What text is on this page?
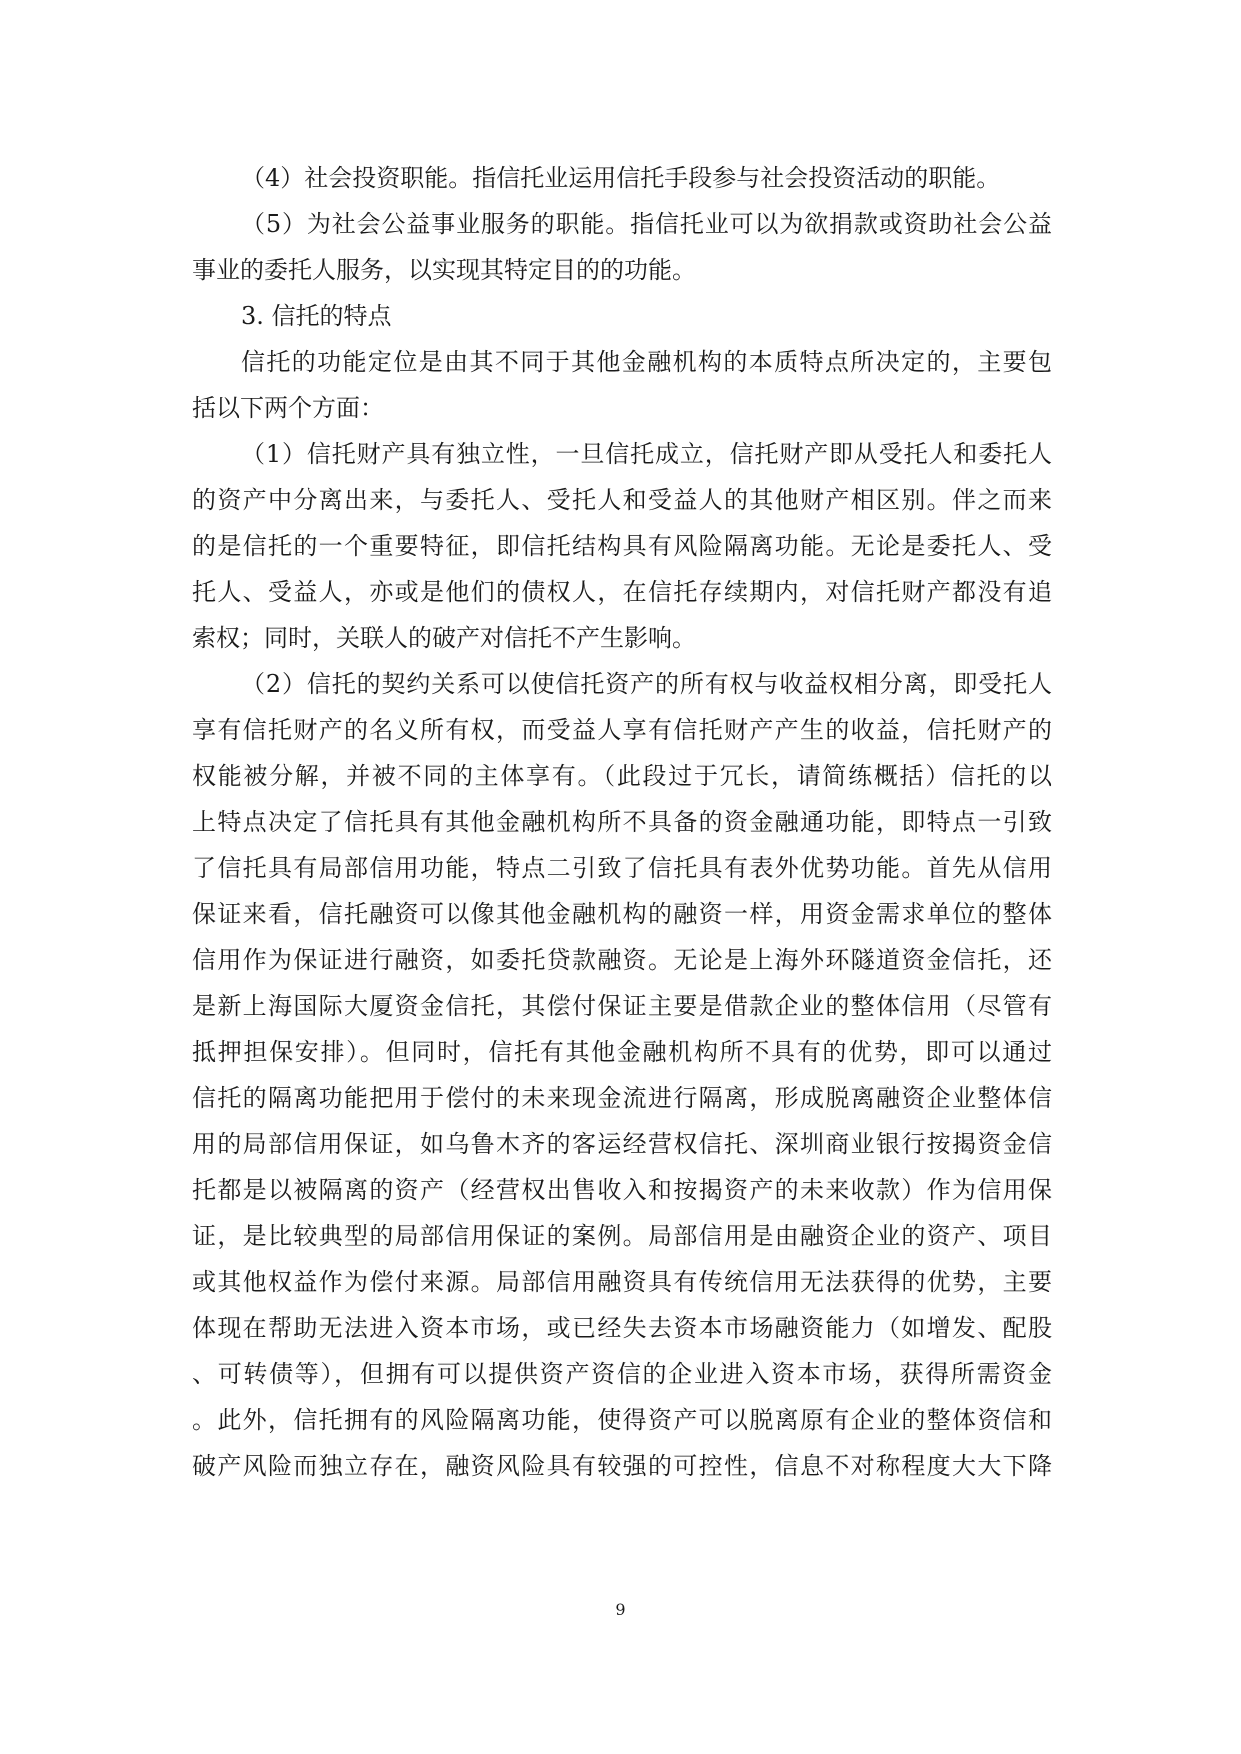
（4）社会投资职能。指信托业运用信托手段参与社会投资活动的职能。
（5）为社会公益事业服务的职能。指信托业可以为欲捐款或资助社会公益
事业的委托人服务，以实现其特定目的的功能。
3. 信托的特点
信托的功能定位是由其不同于其他金融机构的本质特点所决定的，主要包
括以下两个方面：
（1）信托财产具有独立性，一旦信托成立，信托财产即从受托人和委托人
的资产中分离出来，与委托人、受托人和受益人的其他财产相区别。伴之而来
的是信托的一个重要特征，即信托结构具有风险隔离功能。无论是委托人、受
托人、受益人，亦或是他们的债权人，在信托存续期内，对信托财产都没有追
索权；同时，关联人的破产对信托不产生影响。
（2）信托的契约关系可以使信托资产的所有权与收益权相分离，即受托人
享有信托财产的名义所有权，而受益人享有信托财产产生的收益，信托财产的
权能被分解，并被不同的主体享有。（此段过于冗长，请简练概括）信托的以
上特点决定了信托具有其他金融机构所不具备的资金融通功能，即特点一引致
了信托具有局部信用功能，特点二引致了信托具有表外优势功能。首先从信用
保证来看，信托融资可以像其他金融机构的融资一样，用资金需求单位的整体
信用作为保证进行融资，如委托贷款融资。无论是上海外环隧道资金信托，还
是新上海国际大厦资金信托，其偿付保证主要是借款企业的整体信用（尽管有
抵押担保安排）。但同时，信托有其他金融机构所不具有的优势，即可以通过
信托的隔离功能把用于偿付的未来现金流进行隔离，形成脱离融资企业整体信
用的局部信用保证，如乌鲁木齐的客运经营权信托、深圳商业银行按揭资金信
托都是以被隔离的资产（经营权出售收入和按揭资产的未来收款）作为信用保
证，是比较典型的局部信用保证的案例。局部信用是由融资企业的资产、项目
或其他权益作为偿付来源。局部信用融资具有传统信用无法获得的优势，主要
体现在帮助无法进入资本市场，或已经失去资本市场融资能力（如增发、配股
、可转债等），但拥有可以提供资产资信的企业进入资本市场，获得所需资金
。此外，信托拥有的风险隔离功能，使得资产可以脱离原有企业的整体资信和
破产风险而独立存在，融资风险具有较强的可控性，信息不对称程度大大下降
9
